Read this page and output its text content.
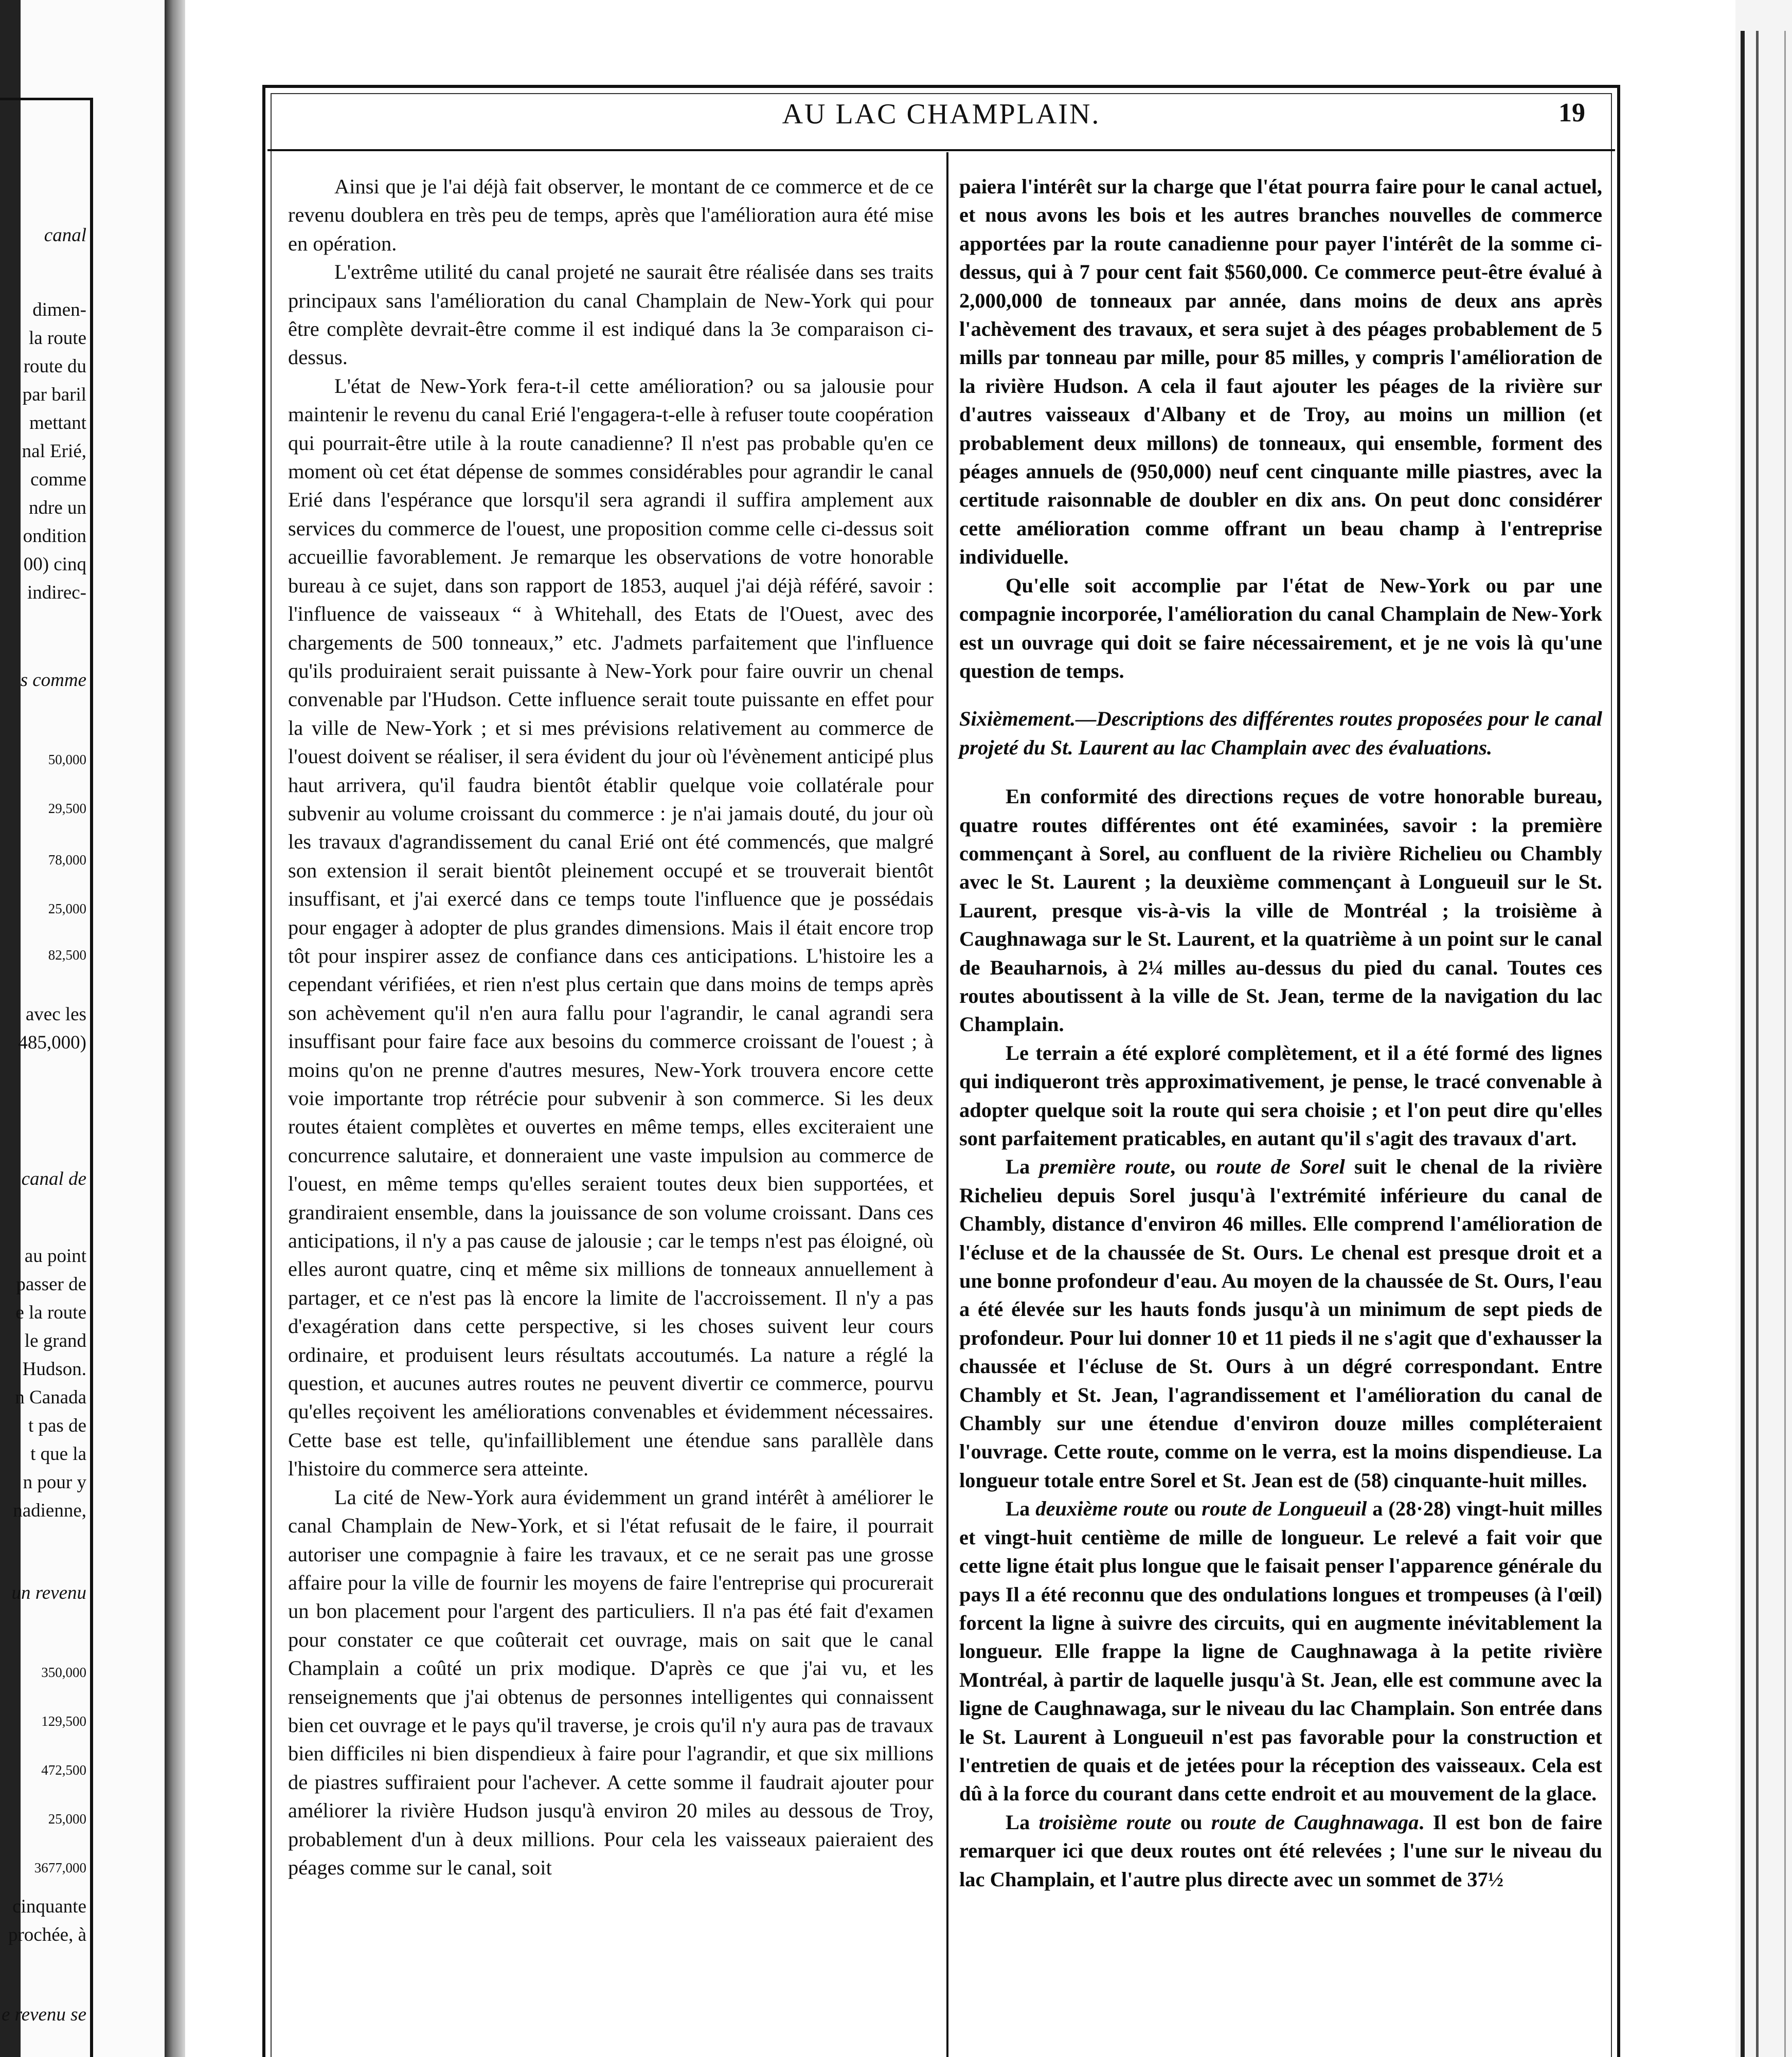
canal
dimen-
la route
route du
par baril
mettant
nal Erié,
comme
ndre un
ondition
00) cinq
indirec-
s comme
50,000
29,500
78,000
25,000
82,500
avec les
485,000)
canal de
au point
passer de
e la route
le grand
Hudson.
n Canada
t pas de
t que la
n pour y
nadienne,
un revenu
350,000
129,500
472,500
25,000
3677,000
cinquante
prochée, à
e revenu se
AU LAC CHAMPLAIN.	19

Ainsi que je l'ai déjà fait observer, le montant de ce commerce et de ce revenu doublera en très peu de temps, après que l'amélioration aura été mise en opération.

L'extrême utilité du canal projeté ne saurait être réalisée dans ses traits principaux sans l'amélioration du canal Champlain de New-York qui pour être complète devrait-être comme il est indiqué dans la 3e comparaison ci-dessus.

L'état de New-York fera-t-il cette amélioration? ou sa jalousie pour maintenir le revenu du canal Erié l'engagera-t-elle à refuser toute coopération qui pourrait-être utile à la route canadienne? Il n'est pas probable qu'en ce moment où cet état dépense de sommes considérables pour agrandir le canal Erié dans l'espérance que lorsqu'il sera agrandi il suffira amplement aux services du commerce de l'ouest, une proposition comme celle ci-dessus soit accueillie favorablement. Je remarque les observations de votre honorable bureau à ce sujet, dans son rapport de 1853, auquel j'ai déjà référé, savoir : l'influence de vaisseaux “ à Whitehall, des Etats de l'Ouest, avec des chargements de 500 tonneaux,” etc. J'admets parfaitement que l'influence qu'ils produiraient serait puissante à New-York pour faire ouvrir un chenal convenable par l'Hudson. Cette influence serait toute puissante en effet pour la ville de New-York ; et si mes prévisions relativement au commerce de l'ouest doivent se réaliser, il sera évident du jour où l'évènement anticipé plus haut arrivera, qu'il faudra bientôt établir quelque voie collatérale pour subvenir au volume croissant du commerce : je n'ai jamais douté, du jour où les travaux d'agrandissement du canal Erié ont été commencés, que malgré son extension il serait bientôt pleinement occupé et se trouverait bientôt insuffisant, et j'ai exercé dans ce temps toute l'influence que je possédais pour engager à adopter de plus grandes dimensions. Mais il était encore trop tôt pour inspirer assez de confiance dans ces anticipations. L'histoire les a cependant vérifiées, et rien n'est plus certain que dans moins de temps après son achèvement qu'il n'en aura fallu pour l'agrandir, le canal agrandi sera insuffisant pour faire face aux besoins du commerce croissant de l'ouest ; à moins qu'on ne prenne d'autres mesures, New-York trouvera encore cette voie importante trop rétrécie pour subvenir à son commerce. Si les deux routes étaient complètes et ouvertes en même temps, elles exciteraient une concurrence salutaire, et donneraient une vaste impulsion au commerce de l'ouest, en même temps qu'elles seraient toutes deux bien supportées, et grandiraient ensemble, dans la jouissance de son volume croissant. Dans ces anticipations, il n'y a pas cause de jalousie ; car le temps n'est pas éloigné, où elles auront quatre, cinq et même six millions de tonneaux annuellement à partager, et ce n'est pas là encore la limite de l'accroissement. Il n'y a pas d'exagération dans cette perspective, si les choses suivent leur cours ordinaire, et produisent leurs résultats accoutumés. La nature a réglé la question, et aucunes autres routes ne peuvent divertir ce commerce, pourvu qu'elles reçoivent les améliorations convenables et évidemment nécessaires. Cette base est telle, qu'infailliblement une étendue sans parallèle dans l'histoire du commerce sera atteinte.

La cité de New-York aura évidemment un grand intérêt à améliorer le canal Champlain de New-York, et si l'état refusait de le faire, il pourrait autoriser une compagnie à faire les travaux, et ce ne serait pas une grosse affaire pour la ville de fournir les moyens de faire l'entreprise qui procurerait un bon placement pour l'argent des particuliers. Il n'a pas été fait d'examen pour constater ce que coûterait cet ouvrage, mais on sait que le canal Champlain a coûté un prix modique. D'après ce que j'ai vu, et les renseignements que j'ai obtenus de personnes intelligentes qui connaissent bien cet ouvrage et le pays qu'il traverse, je crois qu'il n'y aura pas de travaux bien difficiles ni bien dispendieux à faire pour l'agrandir, et que six millions de piastres suffiraient pour l'achever. A cette somme il faudrait ajouter pour améliorer la rivière Hudson jusqu'à environ 20 miles au dessous de Troy, probablement d'un à deux millions. Pour cela les vaisseaux paieraient des péages comme sur le canal, soit

paiera l'intérêt sur la charge que l'état pourra faire pour le canal actuel, et nous avons les bois et les autres branches nouvelles de commerce apportées par la route canadienne pour payer l'intérêt de la somme ci-dessus, qui à 7 pour cent fait $560,000. Ce commerce peut-être évalué à 2,000,000 de tonneaux par année, dans moins de deux ans après l'achèvement des travaux, et sera sujet à des péages probablement de 5 mills par tonneau par mille, pour 85 milles, y compris l'amélioration de la rivière Hudson. A cela il faut ajouter les péages de la rivière sur d'autres vaisseaux d'Albany et de Troy, au moins un million (et probablement deux millons) de tonneaux, qui ensemble, forment des péages annuels de (950,000) neuf cent cinquante mille piastres, avec la certitude raisonnable de doubler en dix ans. On peut donc considérer cette amélioration comme offrant un beau champ à l'entreprise individuelle.

Qu'elle soit accomplie par l'état de New-York ou par une compagnie incorporée, l'amélioration du canal Champlain de New-York est un ouvrage qui doit se faire nécessairement, et je ne vois là qu'une question de temps.

Sixièmement.—Descriptions des différentes routes proposées pour le canal projeté du St. Laurent au lac Champlain avec des évaluations.

En conformité des directions reçues de votre honorable bureau, quatre routes différentes ont été examinées, savoir : la première commençant à Sorel, au confluent de la rivière Richelieu ou Chambly avec le St. Laurent ; la deuxième commençant à Longueuil sur le St. Laurent, presque vis-à-vis la ville de Montréal ; la troisième à Caughnawaga sur le St. Laurent, et la quatrième à un point sur le canal de Beauharnois, à 2¼ milles au-dessus du pied du canal. Toutes ces routes aboutissent à la ville de St. Jean, terme de la navigation du lac Champlain.

Le terrain a été exploré complètement, et il a été formé des lignes qui indiqueront très approximativement, je pense, le tracé convenable à adopter quelque soit la route qui sera choisie ; et l'on peut dire qu'elles sont parfaitement praticables, en autant qu'il s'agit des travaux d'art.

La première route, ou route de Sorel suit le chenal de la rivière Richelieu depuis Sorel jusqu'à l'extrémité inférieure du canal de Chambly, distance d'environ 46 milles. Elle comprend l'amélioration de l'écluse et de la chaussée de St. Ours. Le chenal est presque droit et a une bonne profondeur d'eau. Au moyen de la chaussée de St. Ours, l'eau a été élevée sur les hauts fonds jusqu'à un minimum de sept pieds de profondeur. Pour lui donner 10 et 11 pieds il ne s'agit que d'exhausser la chaussée et l'écluse de St. Ours à un dégré correspondant. Entre Chambly et St. Jean, l'agrandissement et l'amélioration du canal de Chambly sur une étendue d'environ douze milles compléteraient l'ouvrage. Cette route, comme on le verra, est la moins dispendieuse. La longueur totale entre Sorel et St. Jean est de (58) cinquante-huit milles.

La deuxième route ou route de Longueuil a (28·28) vingt-huit milles et vingt-huit centième de mille de longueur. Le relevé a fait voir que cette ligne était plus longue que le faisait penser l'apparence générale du pays Il a été reconnu que des ondulations longues et trompeuses (à l'œil) forcent la ligne à suivre des circuits, qui en augmente inévitablement la longueur. Elle frappe la ligne de Caughnawaga à la petite rivière Montréal, à partir de laquelle jusqu'à St. Jean, elle est commune avec la ligne de Caughnawaga, sur le niveau du lac Champlain. Son entrée dans le St. Laurent à Longueuil n'est pas favorable pour la construction et l'entretien de quais et de jetées pour la réception des vaisseaux. Cela est dû à la force du courant dans cette endroit et au mouvement de la glace.

La troisième route ou route de Caughnawaga. Il est bon de faire remarquer ici que deux routes ont été relevées ; l'une sur le niveau du lac Champlain, et l'autre plus directe avec un sommet de 37½
